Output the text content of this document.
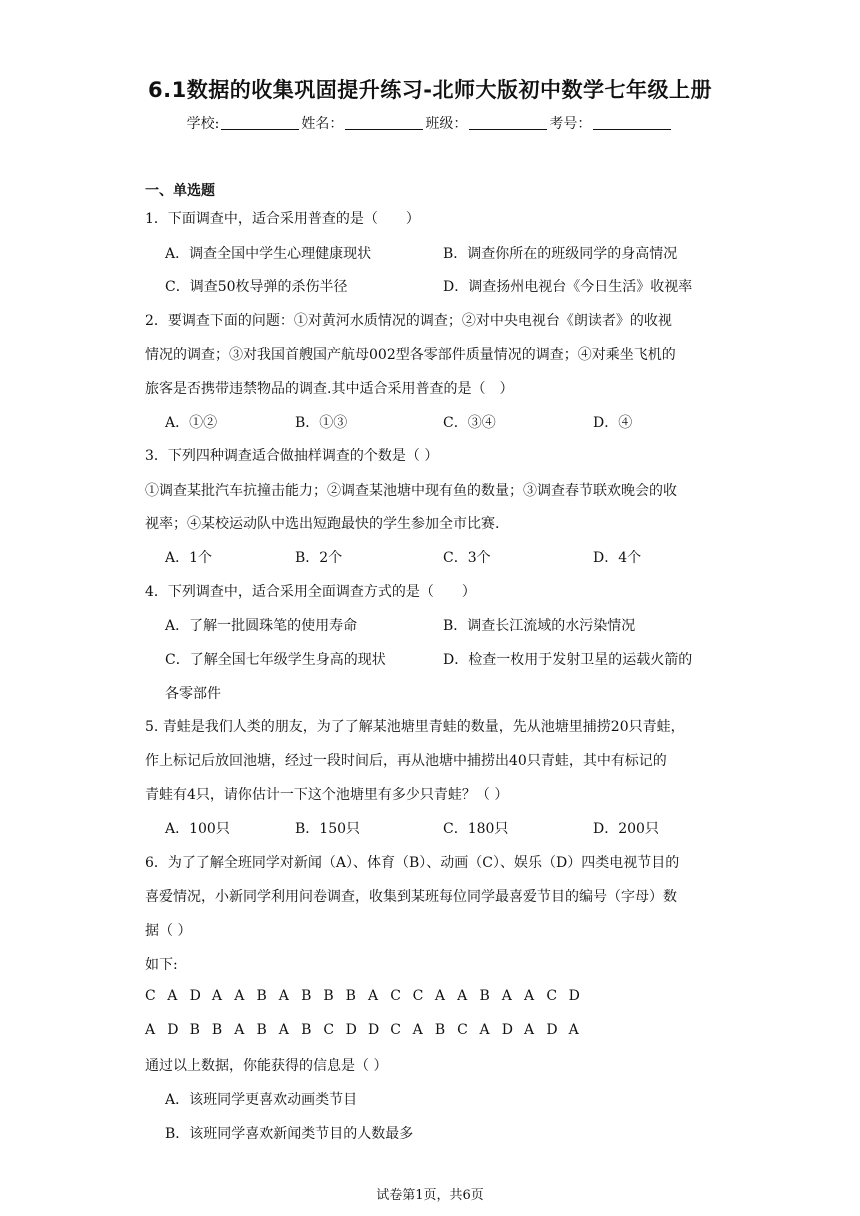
6.1数据的收集巩固提升练习-北师大版初中数学七年级上册
学校:	姓名：	班级：	考号：
一、单选题
1．下面调查中，适合采用普查的是（　　）
A．调查全国中学生心理健康现状	B．调查你所在的班级同学的身高情况
C．调查50枚导弹的杀伤半径	D．调查扬州电视台《今日生活》收视率
2．要调查下面的问题：①对黄河水质情况的调查；②对中央电视台《朗读者》的收视
情况的调查；③对我国首艘国产航母002型各零部件质量情况的调查；④对乘坐飞机的
旅客是否携带违禁物品的调查.其中适合采用普查的是（　）
A．①②	B．①③	C．③④	D．④
3．下列四种调查适合做抽样调查的个数是（ ）
①调查某批汽车抗撞击能力；②调查某池塘中现有鱼的数量；③调查春节联欢晚会的收
视率；④某校运动队中选出短跑最快的学生参加全市比赛.
A．1个	B．2个	C．3个	D．4个
4．下列调查中，适合采用全面调查方式的是（　　）
A．了解一批圆珠笔的使用寿命	B．调查长江流域的水污染情况
C．了解全国七年级学生身高的现状	D．检查一枚用于发射卫星的运载火箭的
各零部件
5. 青蛙是我们人类的朋友，为了了解某池塘里青蛙的数量，先从池塘里捕捞20只青蛙，
作上标记后放回池塘，经过一段时间后，再从池塘中捕捞出40只青蛙，其中有标记的
青蛙有4只，请你估计一下这个池塘里有多少只青蛙？（ ）
A．100只	B．150只	C．180只	D．200只
6．为了了解全班同学对新闻（A）、体育（B）、动画（C）、娱乐（D）四类电视节目的
喜爱情况，小新同学利用问卷调查，收集到某班每位同学最喜爱节目的编号（字母）数
据（ ）
如下:
C A D A A B A B B B A C C A A B A A C D
A D B B A B A B C D D C A B C A D A D A
通过以上数据，你能获得的信息是（ ）
A．该班同学更喜欢动画类节目
B．该班同学喜欢新闻类节目的人数最多
试卷第1页，共6页
